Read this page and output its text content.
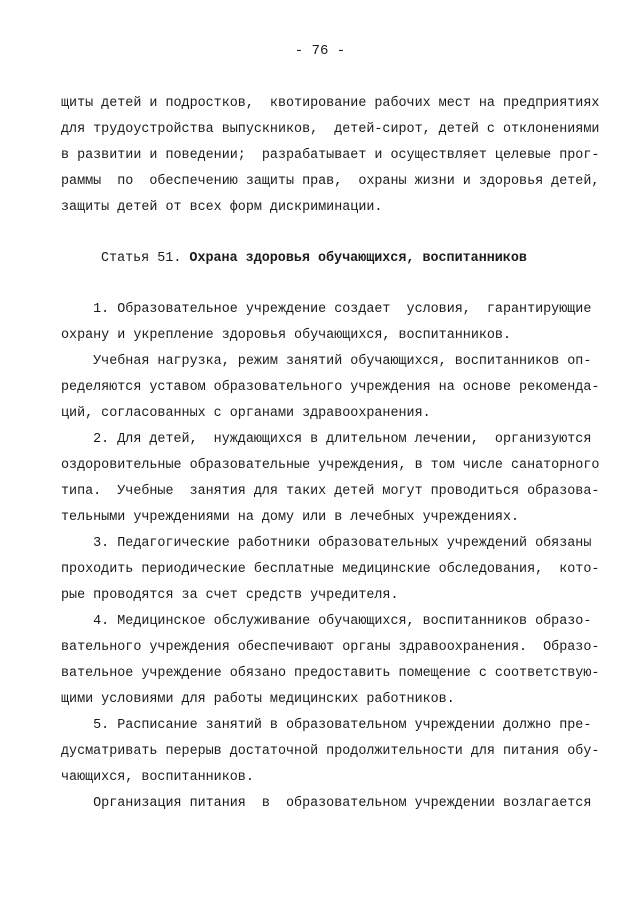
- 76 -
щиты детей и подростков,  квотирование рабочих мест на предприятиях
для трудоустройства выпускников,  детей-сирот, детей с отклонениями
в развитии и поведении;  разрабатывает и осуществляет целевые прог-
раммы  по  обеспечению защиты прав,  охраны жизни и здоровья детей,
защиты детей от всех форм дискриминации.
Статья 51. Охрана здоровья обучающихся, воспитанников
1. Образовательное учреждение создает  условия,  гарантирующие
охрану и укрепление здоровья обучающихся, воспитанников.
Учебная нагрузка, режим занятий обучающихся, воспитанников оп-
ределяются уставом образовательного учреждения на основе рекоменда-
ций, согласованных с органами здравоохранения.
2. Для детей,  нуждающихся в длительном лечении,  организуются
оздоровительные образовательные учреждения, в том числе санаторного
типа.  Учебные  занятия для таких детей могут проводиться образова-
тельными учреждениями на дому или в лечебных учреждениях.
3. Педагогические работники образовательных учреждений обязаны
проходить периодические бесплатные медицинские обследования,  кото-
рые проводятся за счет средств учредителя.
4. Медицинское обслуживание обучающихся, воспитанников образо-
вательного учреждения обеспечивают органы здравоохранения.  Образо-
вательное учреждение обязано предоставить помещение с соответствую-
щими условиями для работы медицинских работников.
5. Расписание занятий в образовательном учреждении должно пре-
дусматривать перерыв достаточной продолжительности для питания обу-
чающихся, воспитанников.
Организация питания  в  образовательном учреждении возлагается
